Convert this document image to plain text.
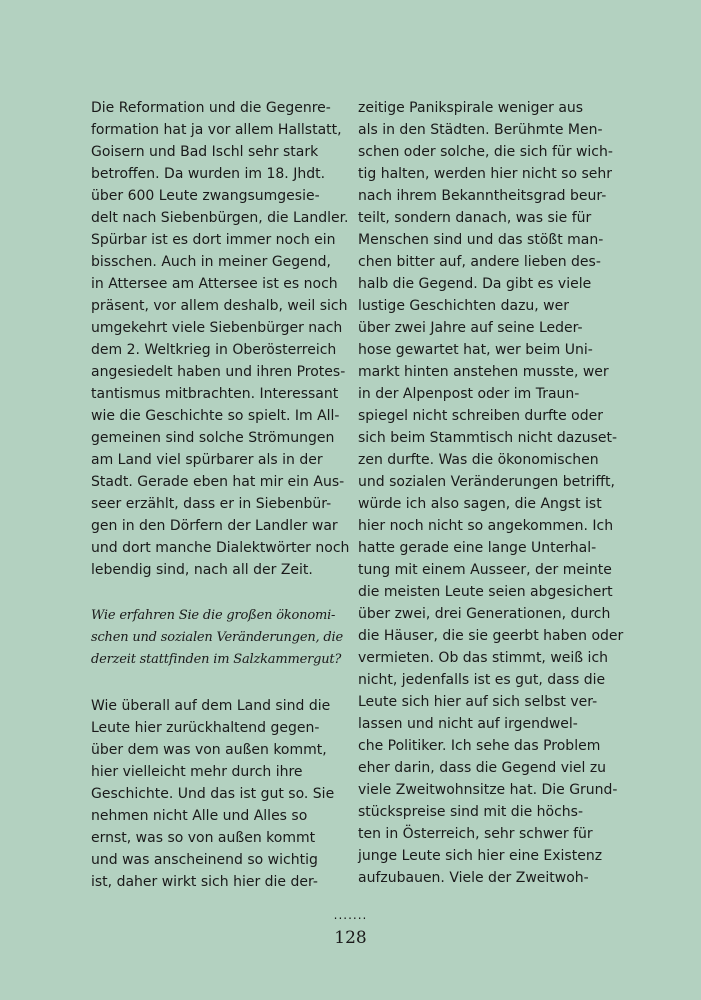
Die Reformation und die Gegenre-
formation hat ja vor allem Hallstatt,
Goisern und Bad Ischl sehr stark
betroffen. Da wurden im 18. Jhdt.
über 600 Leute zwangsumgesie-
delt nach Siebenbürgen, die Landler.
Spürbar ist es dort immer noch ein
bisschen. Auch in meiner Gegend,
in Attersee am Attersee ist es noch
präsent, vor allem deshalb, weil sich
umgekehrt viele Siebenbürger nach
dem 2. Weltkrieg in Oberösterreich
angesiedelt haben und ihren Protes-
tantismus mitbrachten. Interessant
wie die Geschichte so spielt. Im All-
gemeinen sind solche Strömungen
am Land viel spürbarer als in der
Stadt. Gerade eben hat mir ein Aus-
seer erzählt, dass er in Siebenbür-
gen in den Dörfern der Landler war
und dort manche Dialektwörter noch
lebendig sind, nach all der Zeit.
Wie erfahren Sie die großen ökonomi-
schen und sozialen Veränderungen, die
derzeit stattfinden im Salzkammergut?
Wie überall auf dem Land sind die
Leute hier zurückhaltend gegen-
über dem was von außen kommt,
hier vielleicht mehr durch ihre
Geschichte. Und das ist gut so. Sie
nehmen nicht Alle und Alles so
ernst, was so von außen kommt
und was anscheinend so wichtig
ist, daher wirkt sich hier die der-
zeitige Panikspirale weniger aus
als in den Städten. Berühmte Men-
schen oder solche, die sich für wich-
tig halten, werden hier nicht so sehr
nach ihrem Bekanntheitsgrad beur-
teilt, sondern danach, was sie für
Menschen sind und das stößt man-
chen bitter auf, andere lieben des-
halb die Gegend. Da gibt es viele
lustige Geschichten dazu, wer
über zwei Jahre auf seine Leder-
hose gewartet hat, wer beim Uni-
markt hinten anstehen musste, wer
in der Alpenpost oder im Traun-
spiegel nicht schreiben durfte oder
sich beim Stammtisch nicht dazuset-
zen durfte. Was die ökonomischen
und sozialen Veränderungen betrifft,
würde ich also sagen, die Angst ist
hier noch nicht so angekommen. Ich
hatte gerade eine lange Unterhal-
tung mit einem Ausseer, der meinte
die meisten Leute seien abgesichert
über zwei, drei Generationen, durch
die Häuser, die sie geerbt haben oder
vermieten. Ob das stimmt, weiß ich
nicht, jedenfalls ist es gut, dass die
Leute sich hier auf sich selbst ver-
lassen und nicht auf irgendwel-
che Politiker. Ich sehe das Problem
eher darin, dass die Gegend viel zu
viele Zweitwohnsitze hat. Die Grund-
stückspreise sind mit die höchs-
ten in Österreich, sehr schwer für
junge Leute sich hier eine Existenz
aufzubauen. Viele der Zweitwoh-
.......
128
